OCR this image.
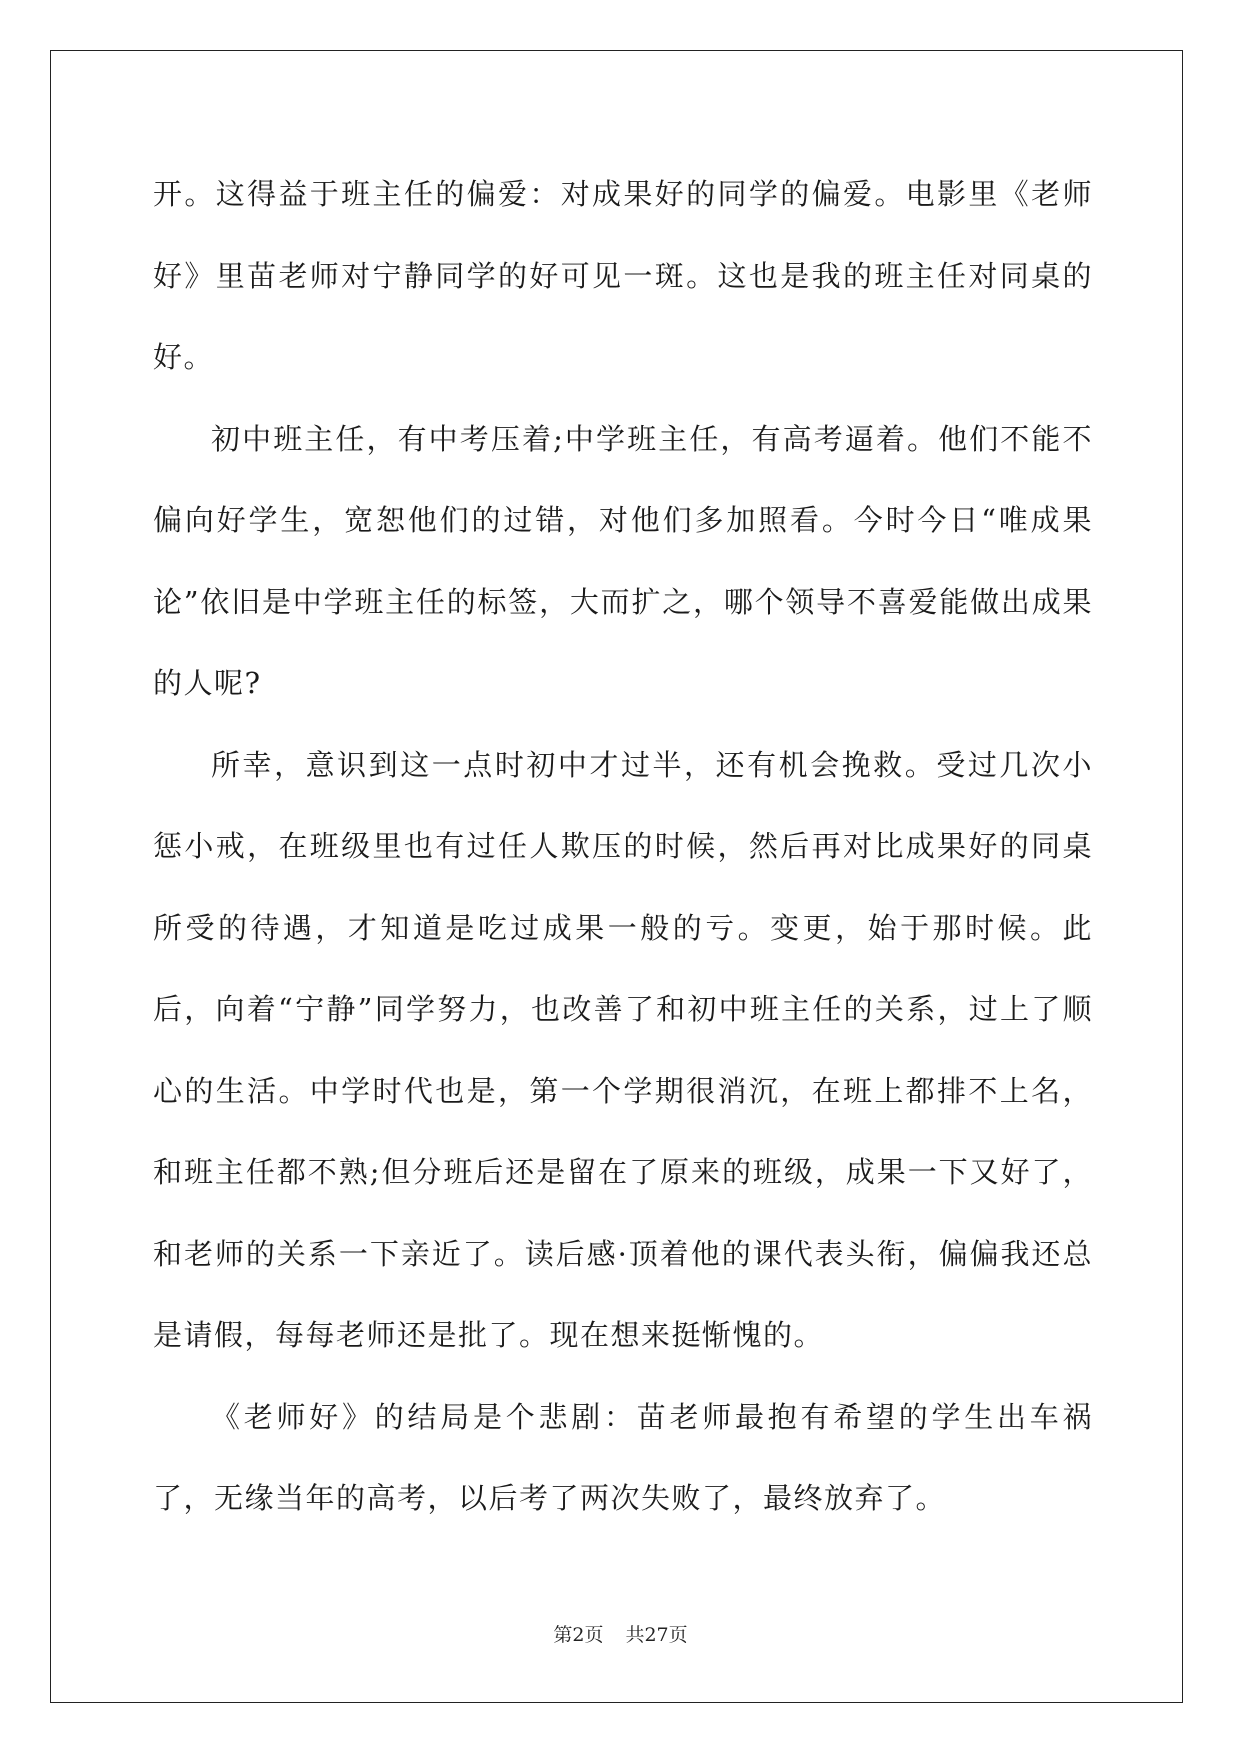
开。这得益于班主任的偏爱：对成果好的同学的偏爱。电影里《老师好》里苗老师对宁静同学的好可见一斑。这也是我的班主任对同桌的好。

初中班主任，有中考压着;中学班主任，有高考逼着。他们不能不偏向好学生，宽恕他们的过错，对他们多加照看。今时今日“唯成果论”依旧是中学班主任的标签，大而扩之，哪个领导不喜爱能做出成果的人呢?

所幸，意识到这一点时初中才过半，还有机会挽救。受过几次小惩小戒，在班级里也有过任人欺压的时候，然后再对比成果好的同桌所受的待遇，才知道是吃过成果一般的亏。变更，始于那时候。此后，向着“宁静”同学努力，也改善了和初中班主任的关系，过上了顺心的生活。中学时代也是，第一个学期很消沉，在班上都排不上名，和班主任都不熟;但分班后还是留在了原来的班级，成果一下又好了，和老师的关系一下亲近了。读后感·顶着他的课代表头衔，偏偏我还总是请假，每每老师还是批了。现在想来挺惭愧的。

《老师好》的结局是个悲剧：苗老师最抱有希望的学生出车祸了，无缘当年的高考，以后考了两次失败了，最终放弃了。

第2页 共27页
